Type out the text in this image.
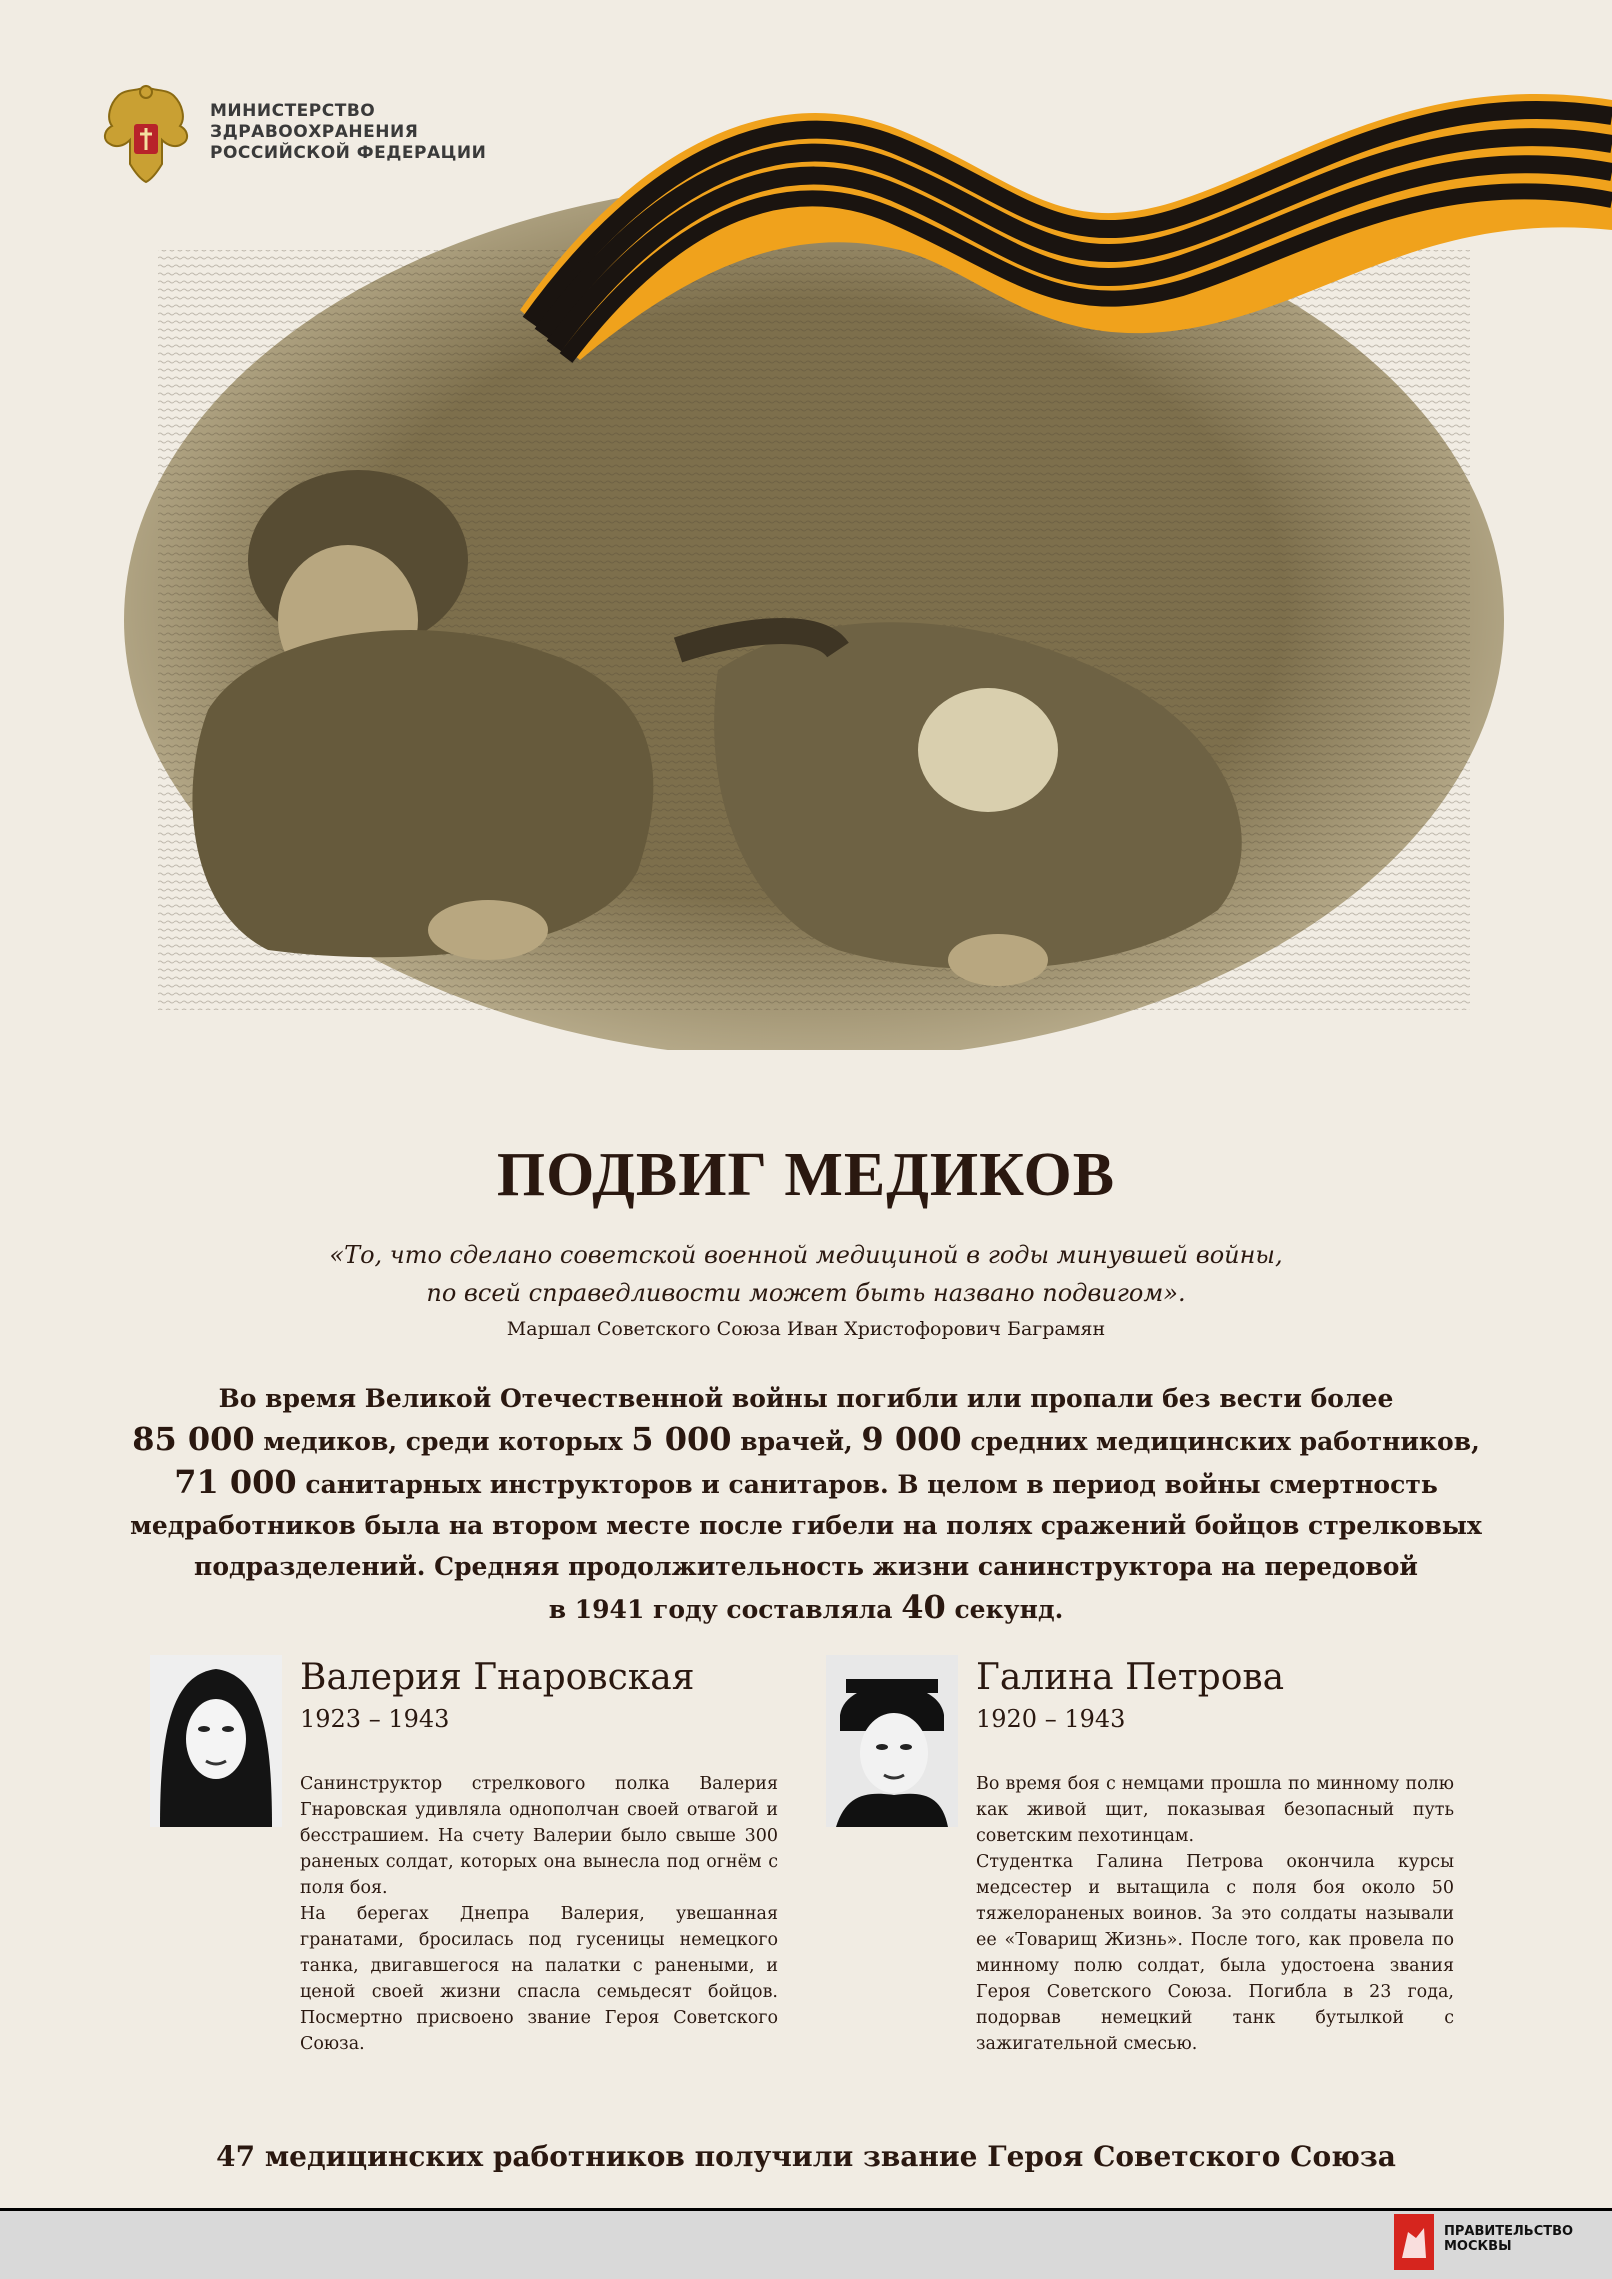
МИНИСТЕРСТВО
ЗДРАВООХРАНЕНИЯ
РОССИЙСКОЙ ФЕДЕРАЦИИ
ПОДВИГ МЕДИКОВ
«То, что сделано советской военной медициной в годы минувшей войны,
по всей справедливости может быть названо подвигом».
Маршал Советского Союза Иван Христофорович Баграмян
Во время Великой Отечественной войны погибли или пропали без вести более
85 000 медиков, среди которых 5 000 врачей, 9 000 средних медицинских работников,
71 000 санитарных инструкторов и санитаров. В целом в период войны смертность
медработников была на втором месте после гибели на полях сражений бойцов стрелковых
подразделений. Средняя продолжительность жизни санинструктора на передовой
в 1941 году составляла 40 секунд.
Валерия Гнаровская
1923 – 1943

Санинструктор стрелкового полка Валерия Гнаровская удивляла однополчан своей отвагой и бесстрашием. На счету Валерии было свыше 300 раненых солдат, которых она вынесла под огнём с поля боя.

На берегах Днепра Валерия, увешанная гранатами, бросилась под гусеницы немецкого танка, двигавшегося на палатки с ранеными, и ценой своей жизни спасла семьдесят бойцов. Посмертно присвоено звание Героя Советского Союза.

Галина Петрова
1920 – 1943

Во время боя с немцами прошла по минному полю как живой щит, показывая безопасный путь советским пехотинцам.

Студентка Галина Петрова окончила курсы медсестер и вытащила с поля боя около 50 тяжелораненых воинов. За это солдаты называли ее «Товарищ Жизнь». После того, как провела по минному полю солдат, была удостоена звания Героя Советского Союза. Погибла в 23 года, подорвав немецкий танк бутылкой с зажигательной смесью.

47 медицинских работников получили звание Героя Советского Союза
ПРАВИТЕЛЬСТВО
МОСКВЫ
